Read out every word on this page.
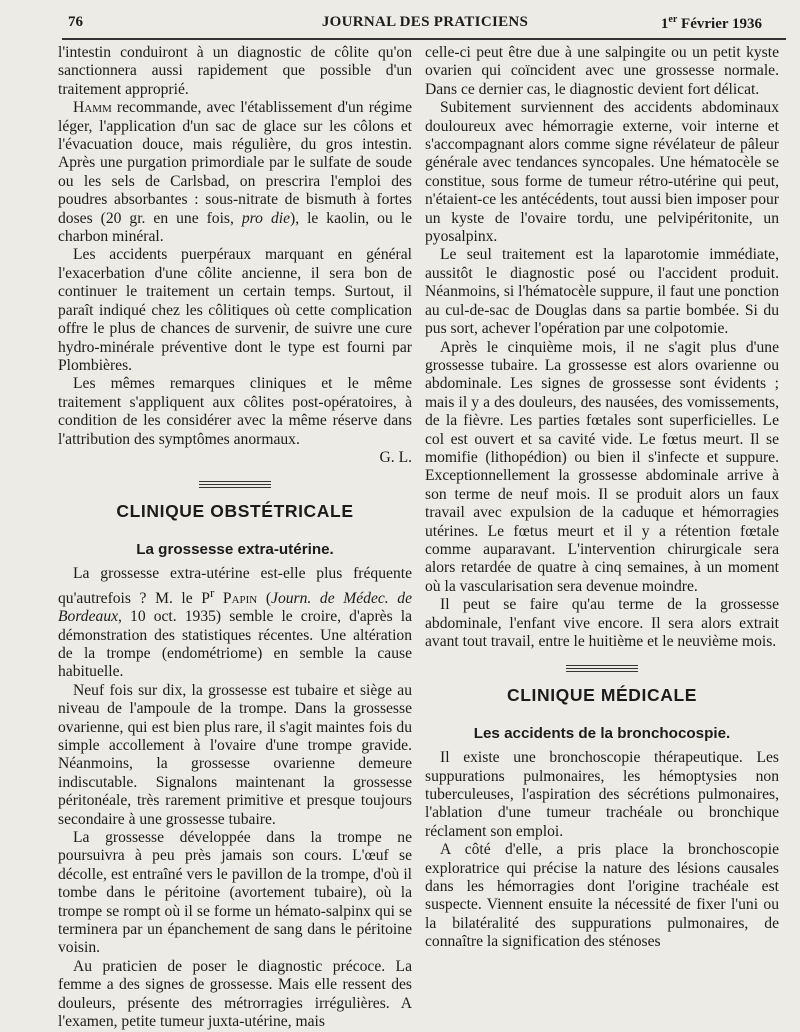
76	JOURNAL DES PRATICIENS	1er Février 1936

l'intestin conduiront à un diagnostic de côlite qu'on sanctionnera aussi rapidement que possible d'un traitement approprié.

Hamm recommande, avec l'établissement d'un régime léger, l'application d'un sac de glace sur les côlons et l'évacuation douce, mais régulière, du gros intestin. Après une purgation primordiale par le sulfate de soude ou les sels de Carlsbad, on prescrira l'emploi des poudres absorbantes : sous-nitrate de bismuth à fortes doses (20 gr. en une fois, pro die), le kaolin, ou le charbon minéral.

Les accidents puerpéraux marquant en général l'exacerbation d'une côlite ancienne, il sera bon de continuer le traitement un certain temps. Surtout, il paraît indiqué chez les côlitiques où cette complication offre le plus de chances de survenir, de suivre une cure hydro-minérale préventive dont le type est fourni par Plombières.

Les mêmes remarques cliniques et le même traitement s'appliquent aux côlites post-opératoires, à condition de les considérer avec la même réserve dans l'attribution des symptômes anormaux.
G. L.

CLINIQUE OBSTÉTRICALE
La grossesse extra-utérine.

La grossesse extra-utérine est-elle plus fréquente qu'autrefois ? M. le $P^r$ Papin (Journ. de Médec. de Bordeaux, 10 oct. 1935) semble le croire, d'après la démonstration des statistiques récentes. Une altération de la trompe (endométriome) en semble la cause habituelle.

Neuf fois sur dix, la grossesse est tubaire et siège au niveau de l'ampoule de la trompe. Dans la grossesse ovarienne, qui est bien plus rare, il s'agit maintes fois du simple accollement à l'ovaire d'une trompe gravide. Néanmoins, la grossesse ovarienne demeure indiscutable. Signalons maintenant la grossesse péritonéale, très rarement primitive et presque toujours secondaire à une grossesse tubaire.

La grossesse développée dans la trompe ne poursuivra à peu près jamais son cours. L'œuf se décolle, est entraîné vers le pavillon de la trompe, d'où il tombe dans le péritoine (avortement tubaire), où la trompe se rompt où il se forme un hémato-salpinx qui se terminera par un épanchement de sang dans le péritoine voisin.

Au praticien de poser le diagnostic précoce. La femme a des signes de grossesse. Mais elle ressent des douleurs, présente des métrorragies irrégulières. A l'examen, petite tumeur juxta-utérine, mais

celle-ci peut être due à une salpingite ou un petit kyste ovarien qui coïncident avec une grossesse normale. Dans ce dernier cas, le diagnostic devient fort délicat.

Subitement surviennent des accidents abdominaux douloureux avec hémorragie externe, voir interne et s'accompagnant alors comme signe révélateur de pâleur générale avec tendances syncopales. Une hématocèle se constitue, sous forme de tumeur rétro-utérine qui peut, n'étaient-ce les antécédents, tout aussi bien imposer pour un kyste de l'ovaire tordu, une pelvipéritonite, un pyosalpinx.

Le seul traitement est la laparotomie immédiate, aussitôt le diagnostic posé ou l'accident produit. Néanmoins, si l'hématocèle suppure, il faut une ponction au cul-de-sac de Douglas dans sa partie bombée. Si du pus sort, achever l'opération par une colpotomie.

Après le cinquième mois, il ne s'agit plus d'une grossesse tubaire. La grossesse est alors ovarienne ou abdominale. Les signes de grossesse sont évidents ; mais il y a des douleurs, des nausées, des vomissements, de la fièvre. Les parties fœtales sont superficielles. Le col est ouvert et sa cavité vide. Le fœtus meurt. Il se momifie (lithopédion) ou bien il s'infecte et suppure. Exceptionnellement la grossesse abdominale arrive à son terme de neuf mois. Il se produit alors un faux travail avec expulsion de la caduque et hémorragies utérines. Le fœtus meurt et il y a rétention fœtale comme auparavant. L'intervention chirurgicale sera alors retardée de quatre à cinq semaines, à un moment où la vascularisation sera devenue moindre.

Il peut se faire qu'au terme de la grossesse abdominale, l'enfant vive encore. Il sera alors extrait avant tout travail, entre le huitième et le neuvième mois.

CLINIQUE MÉDICALE
Les accidents de la bronchocospie.

Il existe une bronchoscopie thérapeutique. Les suppurations pulmonaires, les hémoptysies non tuberculeuses, l'aspiration des sécrétions pulmonaires, l'ablation d'une tumeur trachéale ou bronchique réclament son emploi.

A côté d'elle, a pris place la bronchoscopie exploratrice qui précise la nature des lésions causales dans les hémorragies dont l'origine trachéale est suspecte. Viennent ensuite la nécessité de fixer l'uni ou la bilatéralité des suppurations pulmonaires, de connaître la signification des sténoses
